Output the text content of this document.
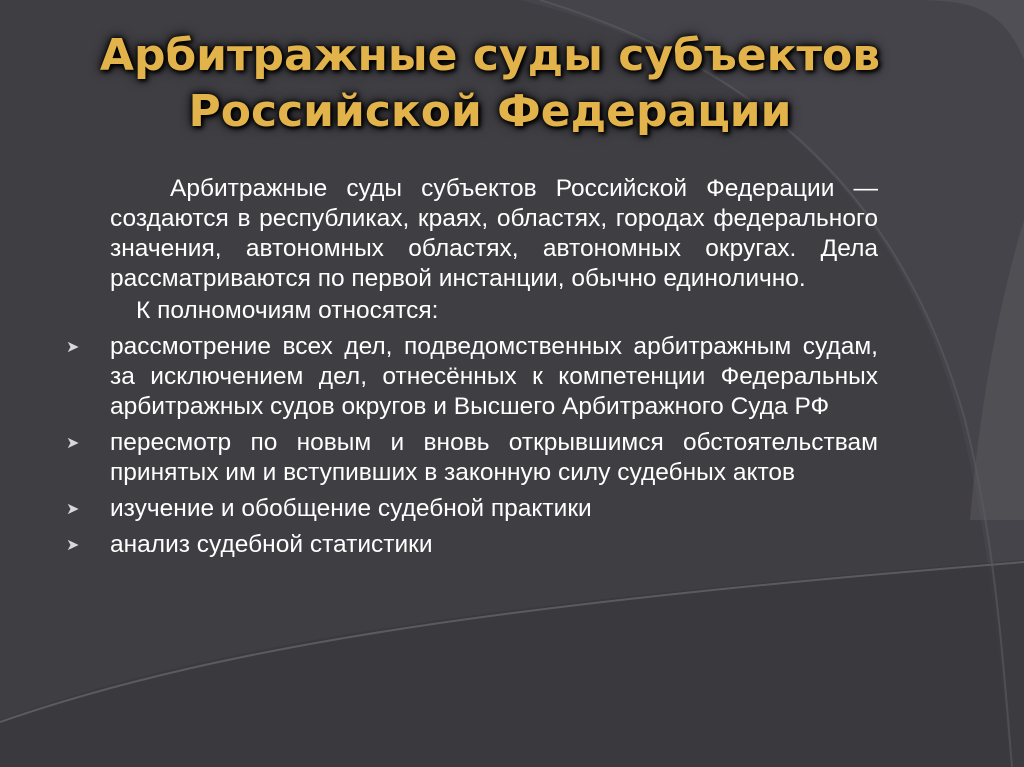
Арбитражные суды субъектов
Российской Федерации

Арбитражные суды субъектов Российской Федерации — создаются в республиках, краях, областях, городах федерального значения, автономных областях, автономных округах. Дела рассматриваются по первой инстанции, обычно единолично.

К полномочиям относятся:

➤ рассмотрение всех дел, подведомственных арбитражным судам, за исключением дел, отнесённых к компетенции Федеральных арбитражных судов округов и Высшего Арбитражного Суда РФ
➤ пересмотр по новым и вновь открывшимся обстоятельствам принятых им и вступивших в законную силу судебных актов
➤ изучение и обобщение судебной практики
➤ анализ судебной статистики
